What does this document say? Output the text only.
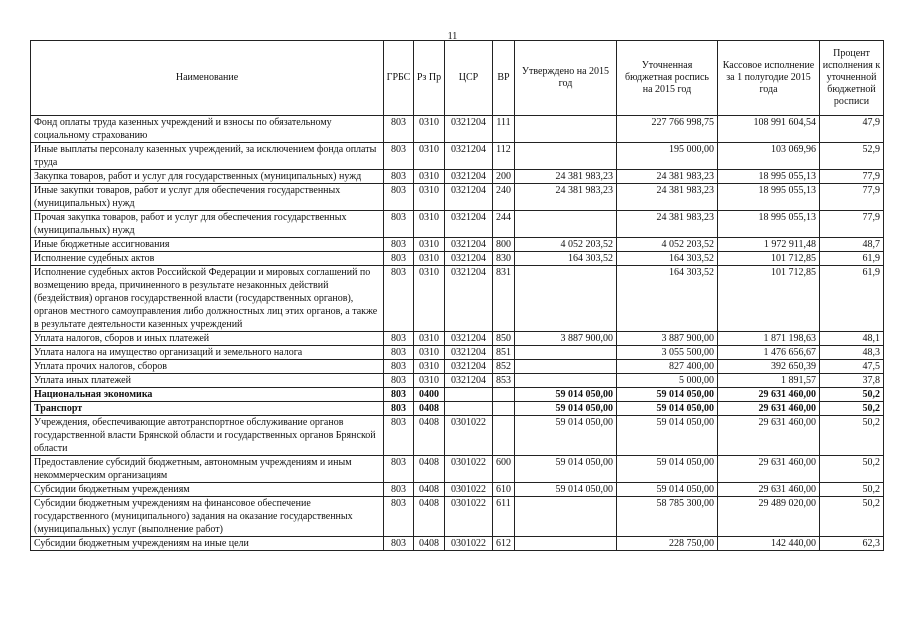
11
Наименование	ГРБС	Рз Пр	ЦСР	ВР	Утверждено на 2015 год	Уточненная бюджетная роспись на 2015 год	Кассовое исполнение за 1 полугодие 2015 года	Процент исполнения к уточненной бюджетной росписи
Фонд оплаты труда казенных учреждений и взносы по обязательному социальному страхованию	803	0310	0321204	111		227 766 998,75	108 991 604,54	47,9
Иные выплаты персоналу казенных учреждений, за исключением фонда оплаты труда	803	0310	0321204	112		195 000,00	103 069,96	52,9
Закупка товаров, работ и услуг для государственных (муниципальных) нужд	803	0310	0321204	200	24 381 983,23	24 381 983,23	18 995 055,13	77,9
Иные закупки товаров, работ и услуг для обеспечения государственных (муниципальных) нужд	803	0310	0321204	240	24 381 983,23	24 381 983,23	18 995 055,13	77,9
Прочая закупка товаров, работ и услуг для обеспечения государственных (муниципальных) нужд	803	0310	0321204	244		24 381 983,23	18 995 055,13	77,9
Иные бюджетные ассигнования	803	0310	0321204	800	4 052 203,52	4 052 203,52	1 972 911,48	48,7
Исполнение судебных актов	803	0310	0321204	830	164 303,52	164 303,52	101 712,85	61,9
Исполнение судебных актов Российской Федерации и мировых соглашений по возмещению вреда, причиненного в результате незаконных действий (бездействия) органов государственной власти (государственных органов), органов местного самоуправления либо должностных лиц этих органов, а также в результате деятельности казенных учреждений	803	0310	0321204	831		164 303,52	101 712,85	61,9
Уплата налогов, сборов и иных платежей	803	0310	0321204	850	3 887 900,00	3 887 900,00	1 871 198,63	48,1
Уплата налога на имущество организаций и земельного налога	803	0310	0321204	851		3 055 500,00	1 476 656,67	48,3
Уплата прочих налогов, сборов	803	0310	0321204	852		827 400,00	392 650,39	47,5
Уплата иных платежей	803	0310	0321204	853		5 000,00	1 891,57	37,8
Национальная экономика	803	0400			59 014 050,00	59 014 050,00	29 631 460,00	50,2
Транспорт	803	0408			59 014 050,00	59 014 050,00	29 631 460,00	50,2
Учреждения, обеспечивающие автотранспортное обслуживание органов государственной власти Брянской области и государственных органов Брянской области	803	0408	0301022		59 014 050,00	59 014 050,00	29 631 460,00	50,2
Предоставление субсидий бюджетным, автономным учреждениям и иным некоммерческим организациям	803	0408	0301022	600	59 014 050,00	59 014 050,00	29 631 460,00	50,2
Субсидии бюджетным учреждениям	803	0408	0301022	610	59 014 050,00	59 014 050,00	29 631 460,00	50,2
Субсидии бюджетным учреждениям на финансовое обеспечение государственного (муниципального) задания на оказание государственных (муниципальных) услуг (выполнение работ)	803	0408	0301022	611		58 785 300,00	29 489 020,00	50,2
Субсидии бюджетным учреждениям на иные цели	803	0408	0301022	612		228 750,00	142 440,00	62,3
